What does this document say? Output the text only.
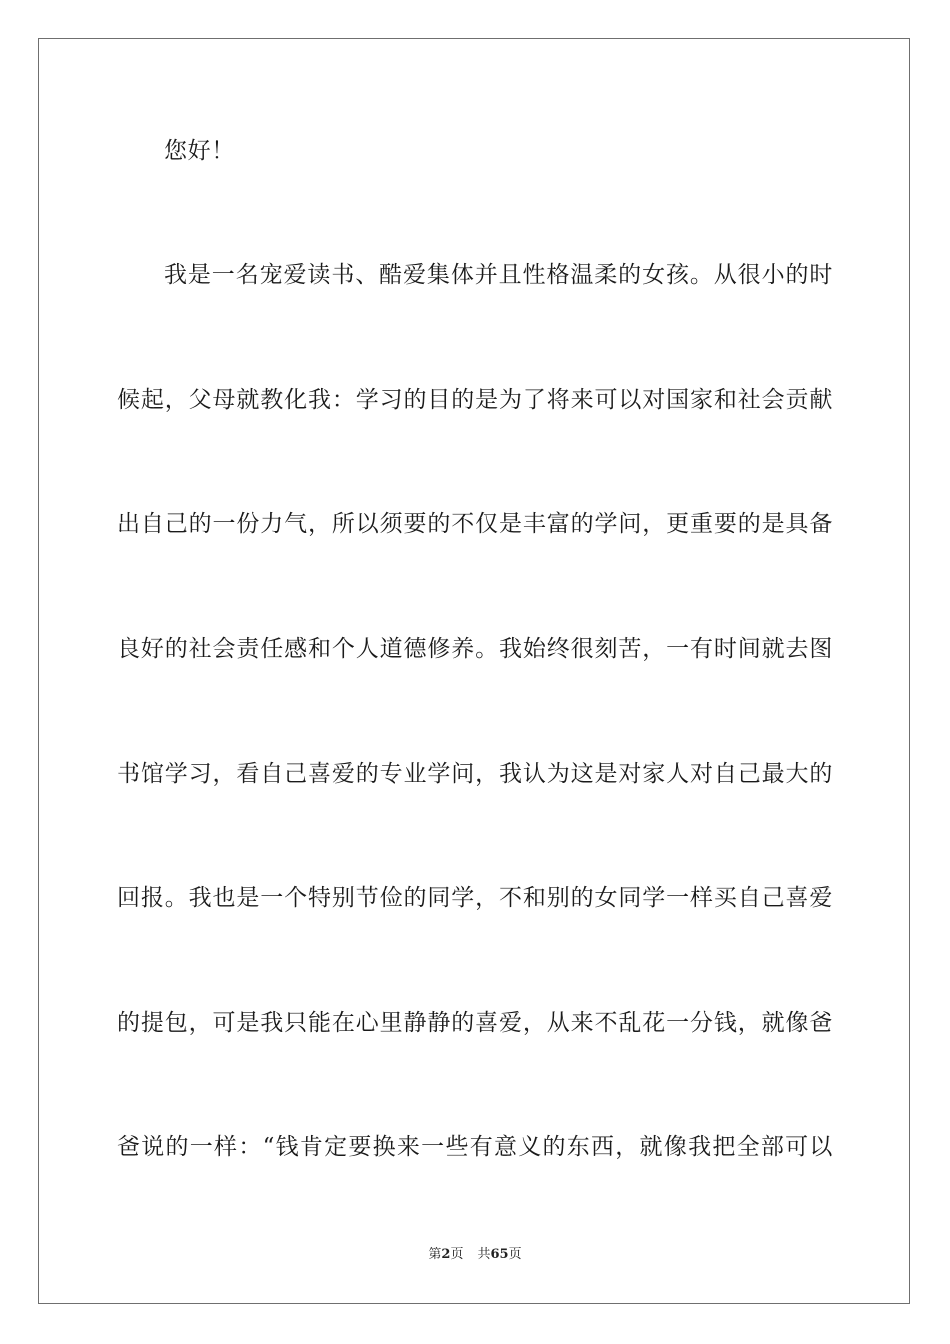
您好！
我是一名宠爱读书、酷爱集体并且性格温柔的女孩。从很小的时
候起，父母就教化我：学习的目的是为了将来可以对国家和社会贡献
出自己的一份力气，所以须要的不仅是丰富的学问，更重要的是具备
良好的社会责任感和个人道德修养。我始终很刻苦，一有时间就去图
书馆学习，看自己喜爱的专业学问，我认为这是对家人对自己最大的
回报。我也是一个特别节俭的同学，不和别的女同学一样买自己喜爱
的提包，可是我只能在心里静静的喜爱，从来不乱花一分钱，就像爸
爸说的一样：“钱肯定要换来一些有意义的东西，就像我把全部可以
第2页 共65页
